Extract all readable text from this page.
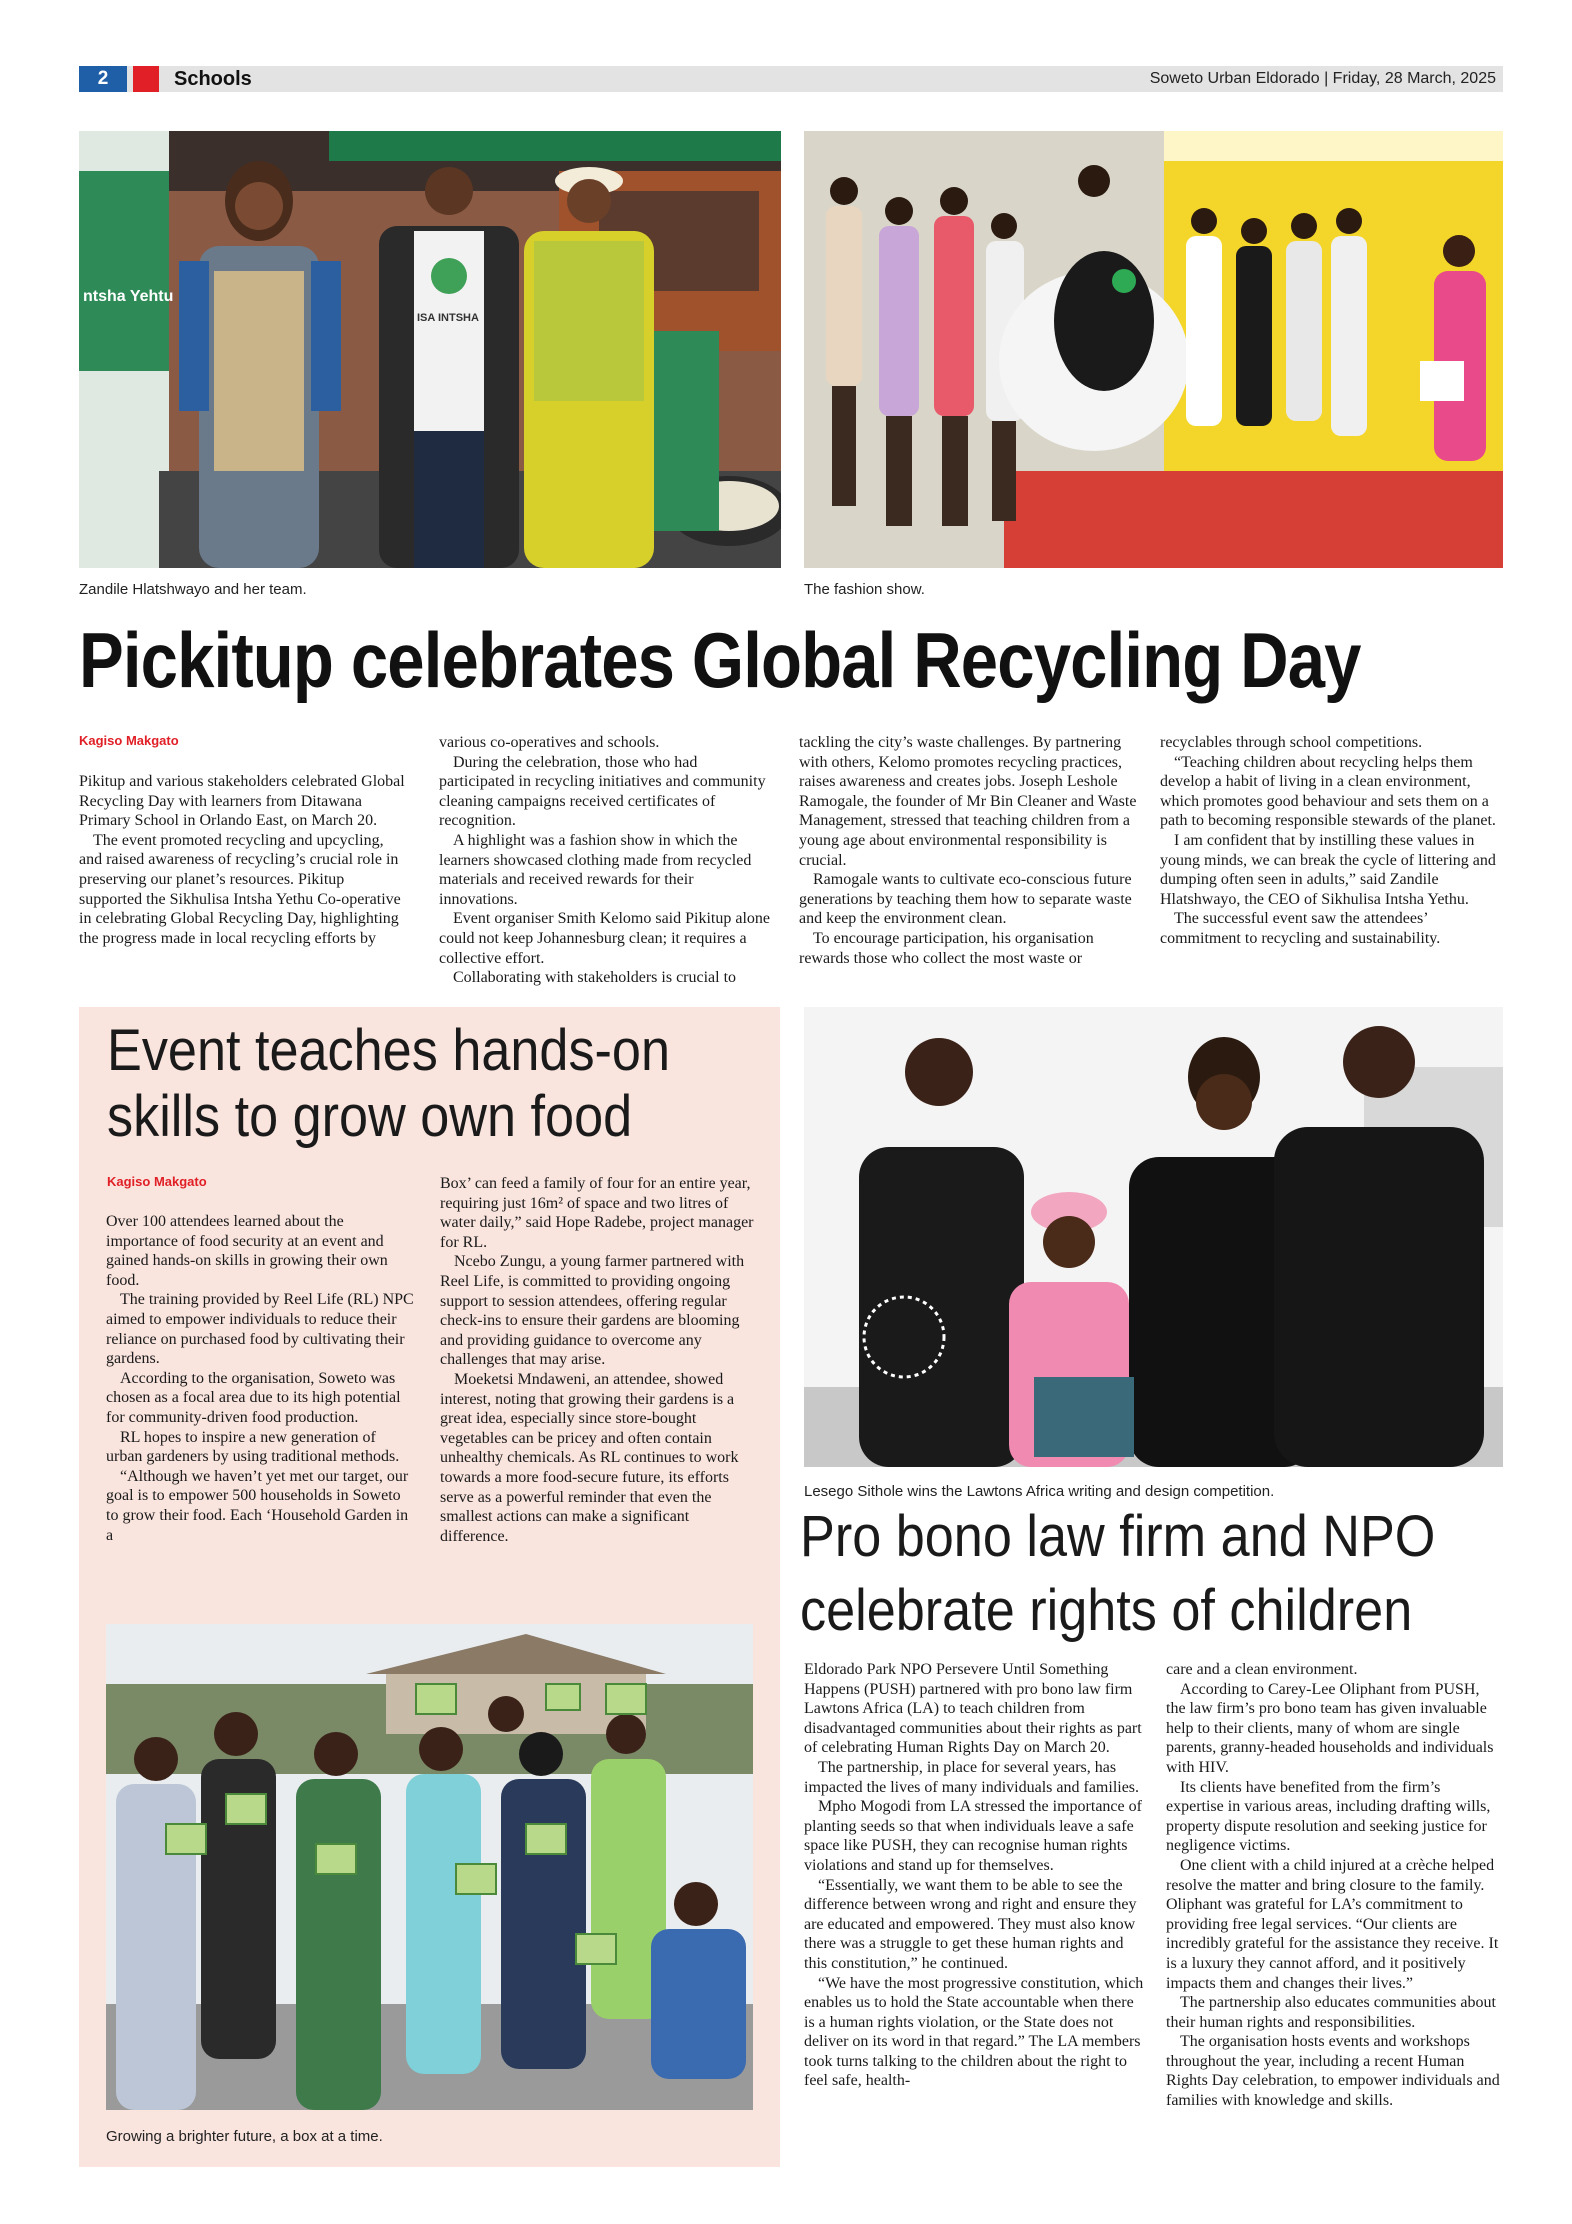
2	Schools	Soweto Urban Eldorado | Friday, 28 March, 2025
ntsha Yehtu
ISA INTSHA
Zandile Hlatshwayo and her team.	The fashion show.
Pickitup celebrates Global Recycling Day
Kagiso Makgato

Pikitup and various stakeholders celebrated Global Recycling Day with learners from Ditawana Primary School in Orlando East, on March 20.

The event promoted recycling and upcycling, and raised awareness of recycling’s crucial role in preserving our planet’s resources. Pikitup supported the Sikhulisa Intsha Yethu Co-operative in celebrating Global Recycling Day, highlighting the progress made in local recycling efforts by

various co-operatives and schools.

During the celebration, those who had participated in recycling initiatives and community cleaning campaigns received certificates of recognition.

A highlight was a fashion show in which the learners showcased clothing made from recycled materials and received rewards for their innovations.

Event organiser Smith Kelomo said Pikitup alone could not keep Johannesburg clean; it requires a collective effort.

Collaborating with stakeholders is crucial to

tackling the city’s waste challenges. By partnering with others, Kelomo promotes recycling practices, raises awareness and creates jobs. Joseph Leshole Ramogale, the founder of Mr Bin Cleaner and Waste Management, stressed that teaching children from a young age about environmental responsibility is crucial.

Ramogale wants to cultivate eco-conscious future generations by teaching them how to separate waste and keep the environment clean.

To encourage participation, his organisation rewards those who collect the most waste or

recyclables through school competitions.

“Teaching children about recycling helps them develop a habit of living in a clean environment, which promotes good behaviour and sets them on a path to becoming responsible stewards of the planet.

I am confident that by instilling these values in young minds, we can break the cycle of littering and dumping often seen in adults,” said Zandile Hlatshwayo, the CEO of Sikhulisa Intsha Yethu.

The successful event saw the attendees’ commitment to recycling and sustainability.

Event teaches hands-on skills to grow own food
Kagiso Makgato

Over 100 attendees learned about the importance of food security at an event and gained hands-on skills in growing their own food.

The training provided by Reel Life (RL) NPC aimed to empower individuals to reduce their reliance on purchased food by cultivating their gardens.

According to the organisation, Soweto was chosen as a focal area due to its high potential for community-driven food production.

RL hopes to inspire a new generation of urban gardeners by using traditional methods.

“Although we haven’t yet met our target, our goal is to empower 500 households in Soweto to grow their food. Each ‘Household Garden in a

Box’ can feed a family of four for an entire year, requiring just 16m² of space and two litres of water daily,” said Hope Radebe, project manager for RL.

Ncebo Zungu, a young farmer partnered with Reel Life, is committed to providing ongoing support to session attendees, offering regular check-ins to ensure their gardens are blooming and providing guidance to overcome any challenges that may arise.

Moeketsi Mndaweni, an attendee, showed interest, noting that growing their gardens is a great idea, especially since store-bought vegetables can be pricey and often contain unhealthy chemicals. As RL continues to work towards a more food-secure future, its efforts serve as a powerful reminder that even the smallest actions can make a significant difference.

Growing a brighter future, a box at a time.
Lesego Sithole wins the Lawtons Africa writing and design competition.
Pro bono law firm and NPO celebrate rights of children

Eldorado Park NPO Persevere Until Something Happens (PUSH) partnered with pro bono law firm Lawtons Africa (LA) to teach children from disadvantaged communities about their rights as part of celebrating Human Rights Day on March 20.

The partnership, in place for several years, has impacted the lives of many individuals and families.

Mpho Mogodi from LA stressed the importance of planting seeds so that when individuals leave a safe space like PUSH, they can recognise human rights violations and stand up for themselves.

“Essentially, we want them to be able to see the difference between wrong and right and ensure they are educated and empowered. They must also know there was a struggle to get these human rights and this constitution,” he continued.

“We have the most progressive constitution, which enables us to hold the State accountable when there is a human rights violation, or the State does not deliver on its word in that regard.” The LA members took turns talking to the children about the right to feel safe, health-

care and a clean environment.

According to Carey-Lee Oliphant from PUSH, the law firm’s pro bono team has given invaluable help to their clients, many of whom are single parents, granny-headed households and individuals with HIV.

Its clients have benefited from the firm’s expertise in various areas, including drafting wills, property dispute resolution and seeking justice for negligence victims.

One client with a child injured at a crèche helped resolve the matter and bring closure to the family. Oliphant was grateful for LA’s commitment to providing free legal services. “Our clients are incredibly grateful for the assistance they receive. It is a luxury they cannot afford, and it positively impacts them and changes their lives.”

The partnership also educates communities about their human rights and responsibilities.

The organisation hosts events and workshops throughout the year, including a recent Human Rights Day celebration, to empower individuals and families with knowledge and skills.
